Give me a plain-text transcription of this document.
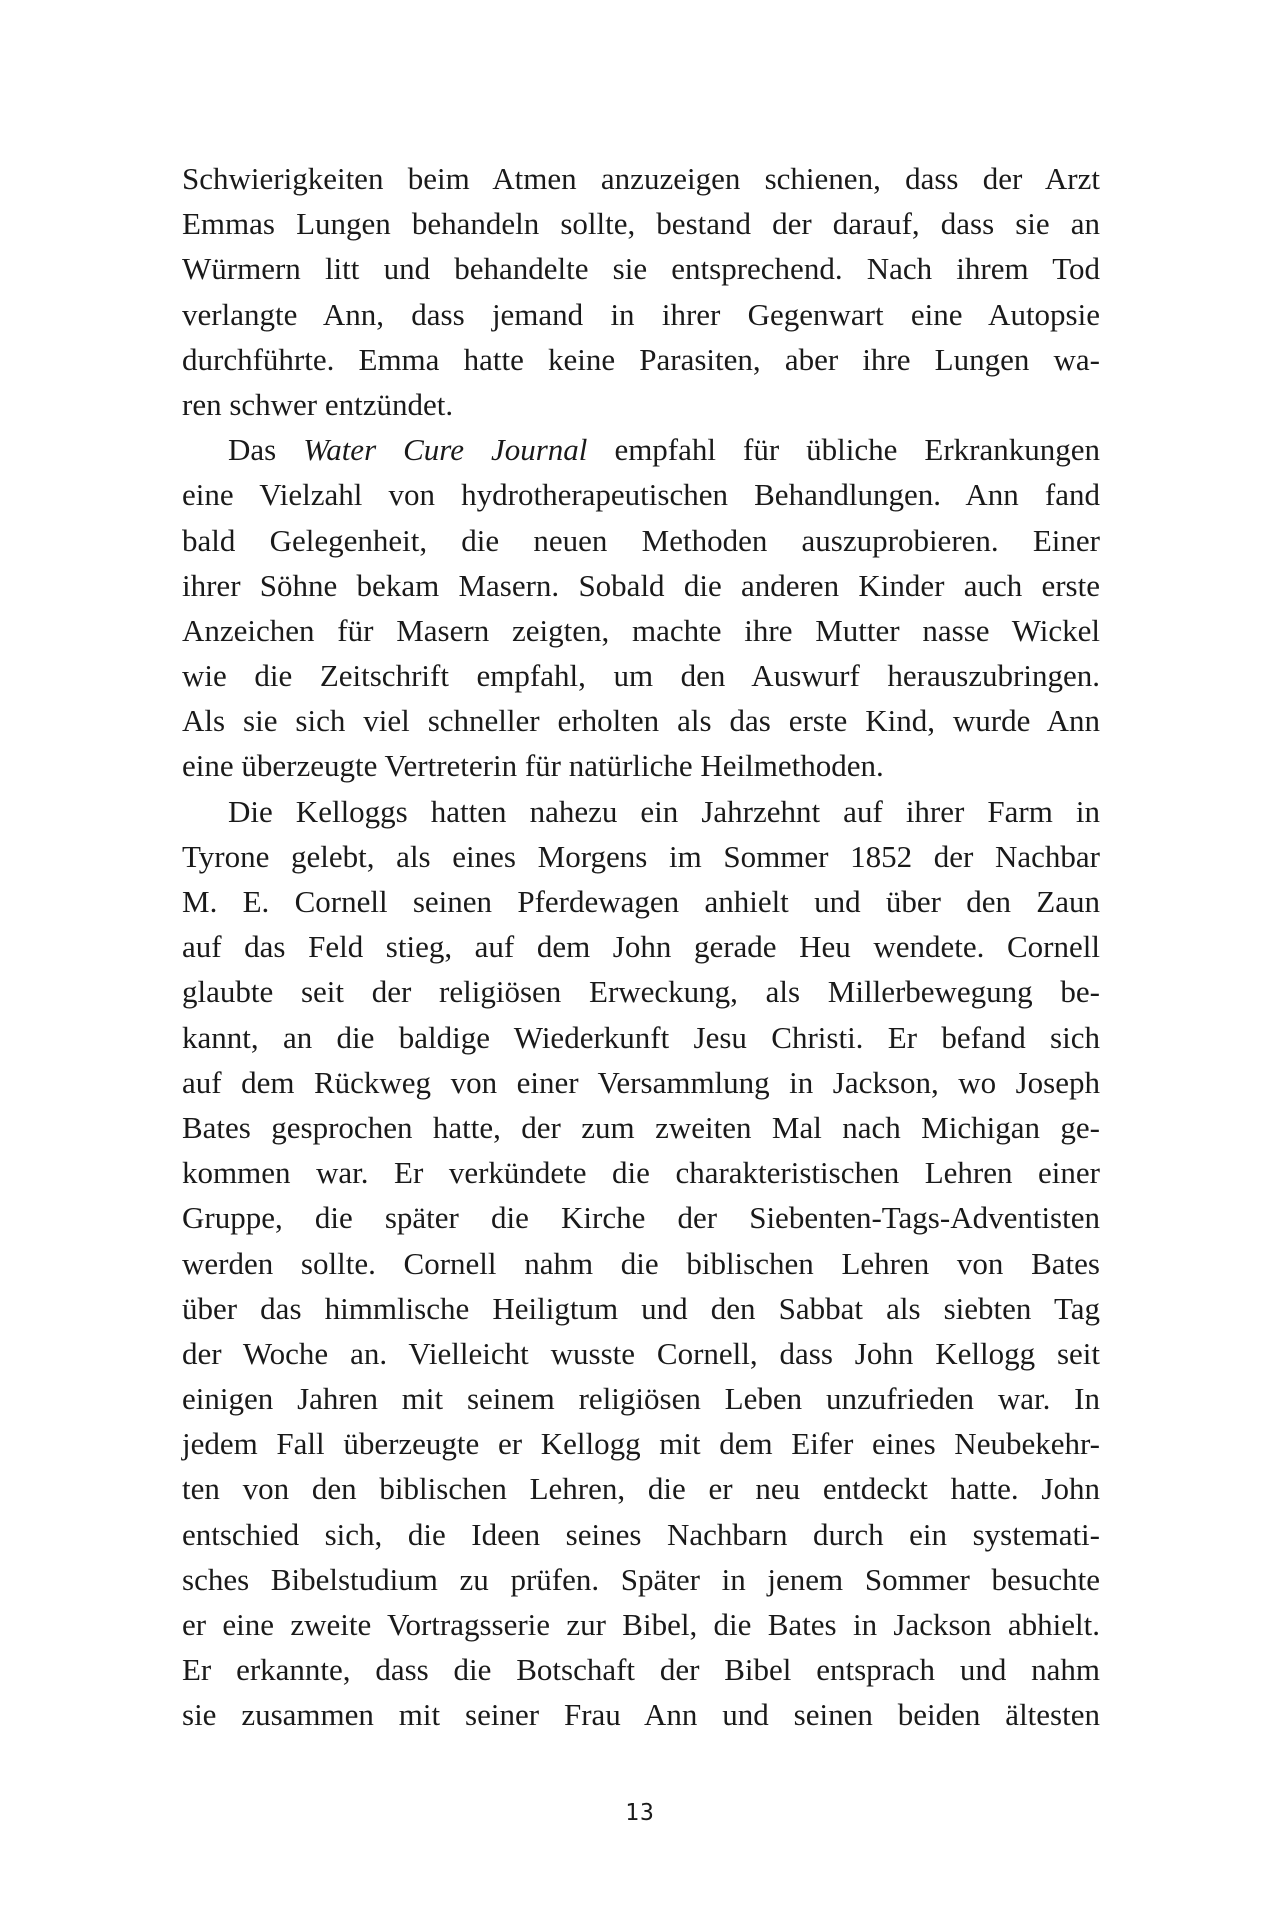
Schwierigkeiten beim Atmen anzuzeigen schienen, dass der Arzt
Emmas Lungen behandeln sollte, bestand der darauf, dass sie an
Würmern litt und behandelte sie entsprechend. Nach ihrem Tod
verlangte Ann, dass jemand in ihrer Gegenwart eine Autopsie
durchführte. Emma hatte keine Parasiten, aber ihre Lungen wa-
ren schwer entzündet.
Das Water Cure Journal empfahl für übliche Erkrankungen
eine Vielzahl von hydrotherapeutischen Behandlungen. Ann fand
bald Gelegenheit, die neuen Methoden auszuprobieren. Einer
ihrer Söhne bekam Masern. Sobald die anderen Kinder auch erste
Anzeichen für Masern zeigten, machte ihre Mutter nasse Wickel
wie die Zeitschrift empfahl, um den Auswurf herauszubringen.
Als sie sich viel schneller erholten als das erste Kind, wurde Ann
eine überzeugte Vertreterin für natürliche Heilmethoden.
Die Kelloggs hatten nahezu ein Jahrzehnt auf ihrer Farm in
Tyrone gelebt, als eines Morgens im Sommer 1852 der Nachbar
M. E. Cornell seinen Pferdewagen anhielt und über den Zaun
auf das Feld stieg, auf dem John gerade Heu wendete. Cornell
glaubte seit der religiösen Erweckung, als Millerbewegung be-
kannt, an die baldige Wiederkunft Jesu Christi. Er befand sich
auf dem Rückweg von einer Versammlung in Jackson, wo Joseph
Bates gesprochen hatte, der zum zweiten Mal nach Michigan ge-
kommen war. Er verkündete die charakteristischen Lehren einer
Gruppe, die später die Kirche der Siebenten-Tags-Adventisten
werden sollte. Cornell nahm die biblischen Lehren von Bates
über das himmlische Heiligtum und den Sabbat als siebten Tag
der Woche an. Vielleicht wusste Cornell, dass John Kellogg seit
einigen Jahren mit seinem religiösen Leben unzufrieden war. In
jedem Fall überzeugte er Kellogg mit dem Eifer eines Neubekehr-
ten von den biblischen Lehren, die er neu entdeckt hatte. John
entschied sich, die Ideen seines Nachbarn durch ein systemati-
sches Bibelstudium zu prüfen. Später in jenem Sommer besuchte
er eine zweite Vortragsserie zur Bibel, die Bates in Jackson abhielt.
Er erkannte, dass die Botschaft der Bibel entsprach und nahm
sie zusammen mit seiner Frau Ann und seinen beiden ältesten
13
